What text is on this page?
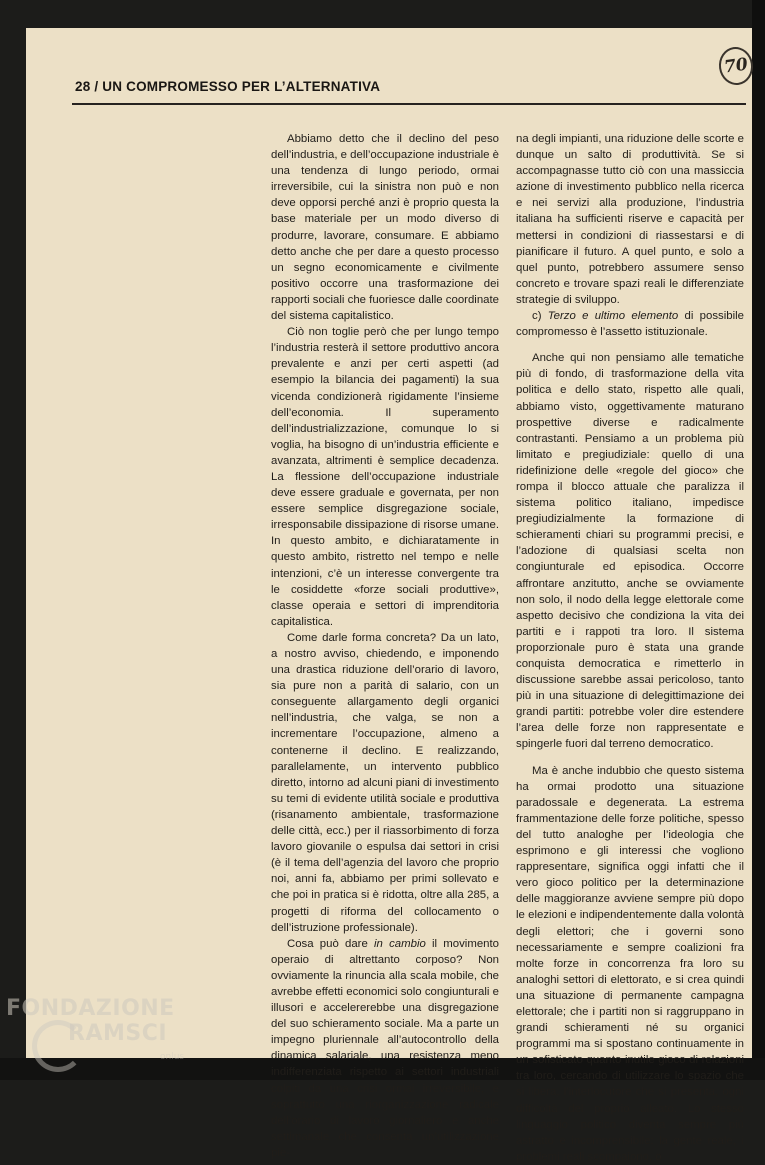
28 / UN COMPROMESSO PER L’ALTERNATIVA
70

Abbiamo detto che il declino del peso dell’industria, e dell’occupazione industriale è una tendenza di lungo periodo, ormai irreversibile, cui la sinistra non può e non deve opporsi perché anzi è proprio questa la base materiale per un modo diverso di produrre, lavorare, consumare. E abbiamo detto anche che per dare a questo processo un segno economicamente e civilmente positivo occorre una trasformazione dei rapporti sociali che fuoriesce dalle coordinate del sistema capitalistico.

Ciò non toglie però che per lungo tempo l’industria resterà il settore produttivo ancora prevalente e anzi per certi aspetti (ad esempio la bilancia dei pagamenti) la sua vicenda condizionerà rigidamente l’insieme dell’economia. Il superamento dell’industrializzazione, comunque lo si voglia, ha bisogno di un’industria efficiente e avanzata, altrimenti è semplice decadenza. La flessione dell’occupazione industriale deve essere graduale e governata, per non essere semplice disgregazione sociale, irresponsabile dissipazione di risorse umane. In questo ambito, e dichiaratamente in questo ambito, ristretto nel tempo e nelle intenzioni, c’è un interesse convergente tra le cosiddette «forze sociali produttive», classe operaia e settori di imprenditoria capitalistica.

Come darle forma concreta? Da un lato, a nostro avviso, chiedendo, e imponendo una drastica riduzione dell’orario di lavoro, sia pure non a parità di salario, con un conseguente allargamento degli organici nell’industria, che valga, se non a incrementare l’occupazione, almeno a contenerne il declino. E realizzando, parallelamente, un intervento pubblico diretto, intorno ad alcuni piani di investimento su temi di evidente utilità sociale e produttiva (risanamento ambientale, trasformazione delle città, ecc.) per il riassorbimento di forza lavoro giovanile o espulsa dai settori in crisi (è il tema dell’agenzia del lavoro che proprio noi, anni fa, abbiamo per primi sollevato e che poi in pratica si è ridotta, oltre alla 285, a progetti di riforma del collocamento o dell’istruzione professionale).

Cosa può dare in cambio il movimento operaio di altrettanto corposo? Non ovviamente la rinuncia alla scala mobile, che avrebbe effetti economici solo congiunturali e illusori e accelererebbe una disgregazione del suo schieramento sociale. Ma a parte un impegno pluriennale all’autocontrollo della dinamica salariale, una resistenza meno indifferenziata rispetto ai settori industriali colpiti da una crisi ormai irreversibile, e soprattutto una riorganizzazione radicale dell’orario di lavoro giornaliero e anche settimanale che consenta un’utilizzazione pie-

na degli impianti, una riduzione delle scorte e dunque un salto di produttività. Se si accompagnasse tutto ciò con una massiccia azione di investimento pubblico nella ricerca e nei servizi alla produzione, l’industria italiana ha sufficienti riserve e capacità per mettersi in condizioni di riassestarsi e di pianificare il futuro. A quel punto, e solo a quel punto, potrebbero assumere senso concreto e trovare spazi reali le differenziate strategie di sviluppo.

c) Terzo e ultimo elemento di possibile compromesso è l’assetto istituzionale.

Anche qui non pensiamo alle tematiche più di fondo, di trasformazione della vita politica e dello stato, rispetto alle quali, abbiamo visto, oggettivamente maturano prospettive diverse e radicalmente contrastanti. Pensiamo a un problema più limitato e pregiudiziale: quello di una ridefinizione delle «regole del gioco» che rompa il blocco attuale che paralizza il sistema politico italiano, impedisce pregiudizialmente la formazione di schieramenti chiari su programmi precisi, e l’adozione di qualsiasi scelta non congiunturale ed episodica. Occorre affrontare anzitutto, anche se ovviamente non solo, il nodo della legge elettorale come aspetto decisivo che condiziona la vita dei partiti e i rappoti tra loro. Il sistema proporzionale puro è stata una grande conquista democratica e rimetterlo in discussione sarebbe assai pericoloso, tanto più in una situazione di delegittimazione dei grandi partiti: potrebbe voler dire estendere l’area delle forze non rappresentate e spingerle fuori dal terreno democratico.

Ma è anche indubbio che questo sistema ha ormai prodotto una situazione paradossale e degenerata. La estrema frammentazione delle forze politiche, spesso del tutto analoghe per l’ideologia che esprimono e gli interessi che vogliono rappresentare, significa oggi infatti che il vero gioco politico per la determinazione delle maggioranze avviene sempre più dopo le elezioni e indipendentemente dalla volontà degli elettori; che i governi sono necessariamente e sempre coalizioni fra molte forze in concorrenza fra loro su analoghi settori di elettorato, e si crea quindi una situazione di permanente campagna elettorale; che i partiti non si raggruppano in grandi schieramenti né su organici programmi ma si spostano continuamente in un sofisticato quanto inutile gioco di relazioni tra loro, cercando di utilizzare lo spazio che si libera, l’interlocutore che si presenta, ogni difficoltà del proprio alleato. Lo stesso linguaggio politico diventa sempre più astratto e incomprensibile: la gente reale, i problemi reali scompaiono, o

FONDAZIONE
RAMSCI
onlus
